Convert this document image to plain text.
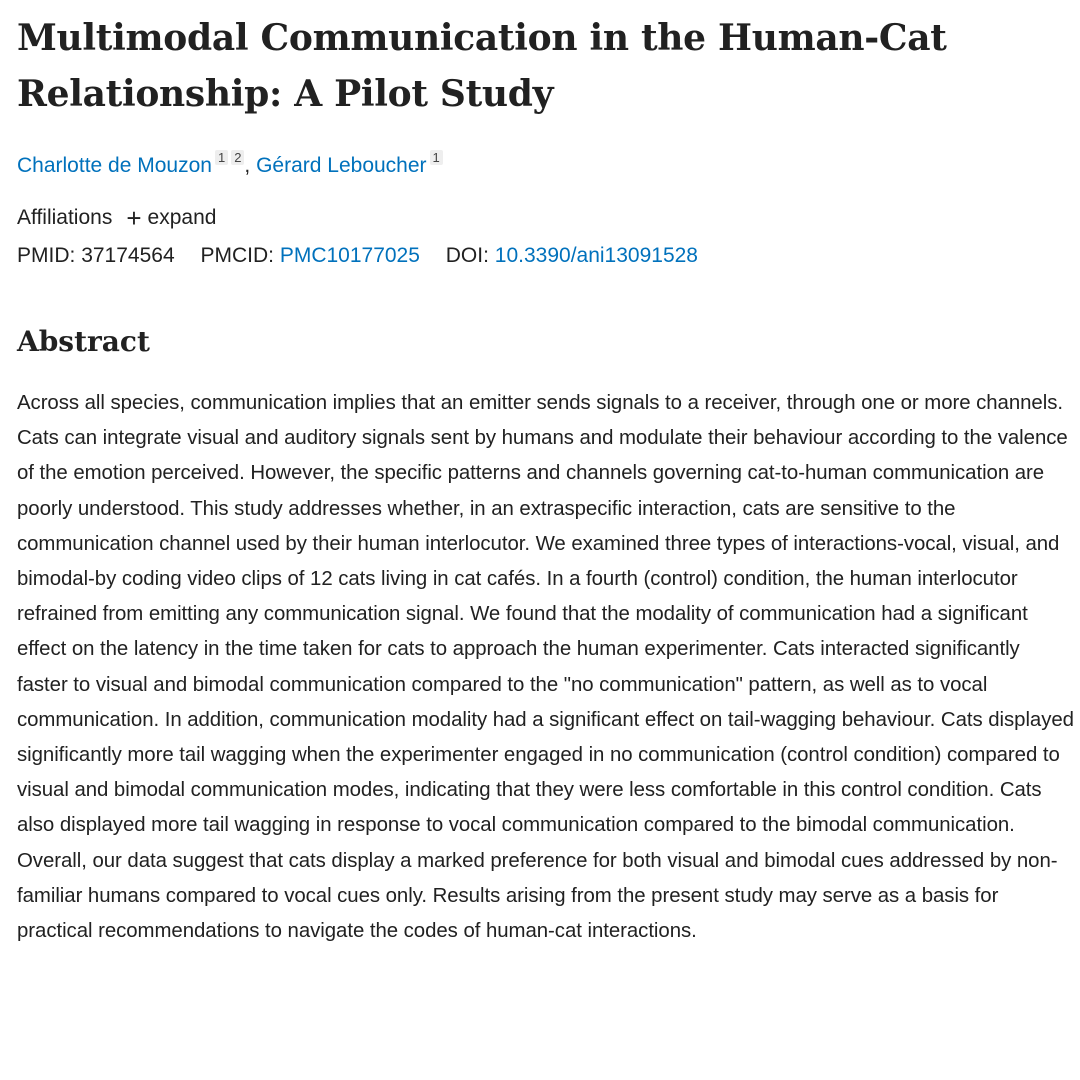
Multimodal Communication in the Human-Cat
Relationship: A Pilot Study
Charlotte de Mouzon 1 2 , Gérard Leboucher 1
Affiliations + expand
PMID: 37174564 PMCID: PMC10177025 DOI: 10.3390/ani13091528
Abstract
Across all species, communication implies that an emitter sends signals to a receiver, through one or more channels. Cats can integrate visual and auditory signals sent by humans and modulate their behaviour according to the valence of the emotion perceived. However, the specific patterns and channels governing cat-to-human communication are poorly understood. This study addresses whether, in an extraspecific interaction, cats are sensitive to the communication channel used by their human interlocutor. We examined three types of interactions-vocal, visual, and bimodal-by coding video clips of 12 cats living in cat cafés. In a fourth (control) condition, the human interlocutor refrained from emitting any communication signal. We found that the modality of communication had a significant effect on the latency in the time taken for cats to approach the human experimenter. Cats interacted significantly faster to visual and bimodal communication compared to the "no communication" pattern, as well as to vocal communication. In addition, communication modality had a significant effect on tail-wagging behaviour. Cats displayed significantly more tail wagging when the experimenter engaged in no communication (control condition) compared to visual and bimodal communication modes, indicating that they were less comfortable in this control condition. Cats also displayed more tail wagging in response to vocal communication compared to the bimodal communication. Overall, our data suggest that cats display a marked preference for both visual and bimodal cues addressed by non-familiar humans compared to vocal cues only. Results arising from the present study may serve as a basis for practical recommendations to navigate the codes of human-cat interactions.
